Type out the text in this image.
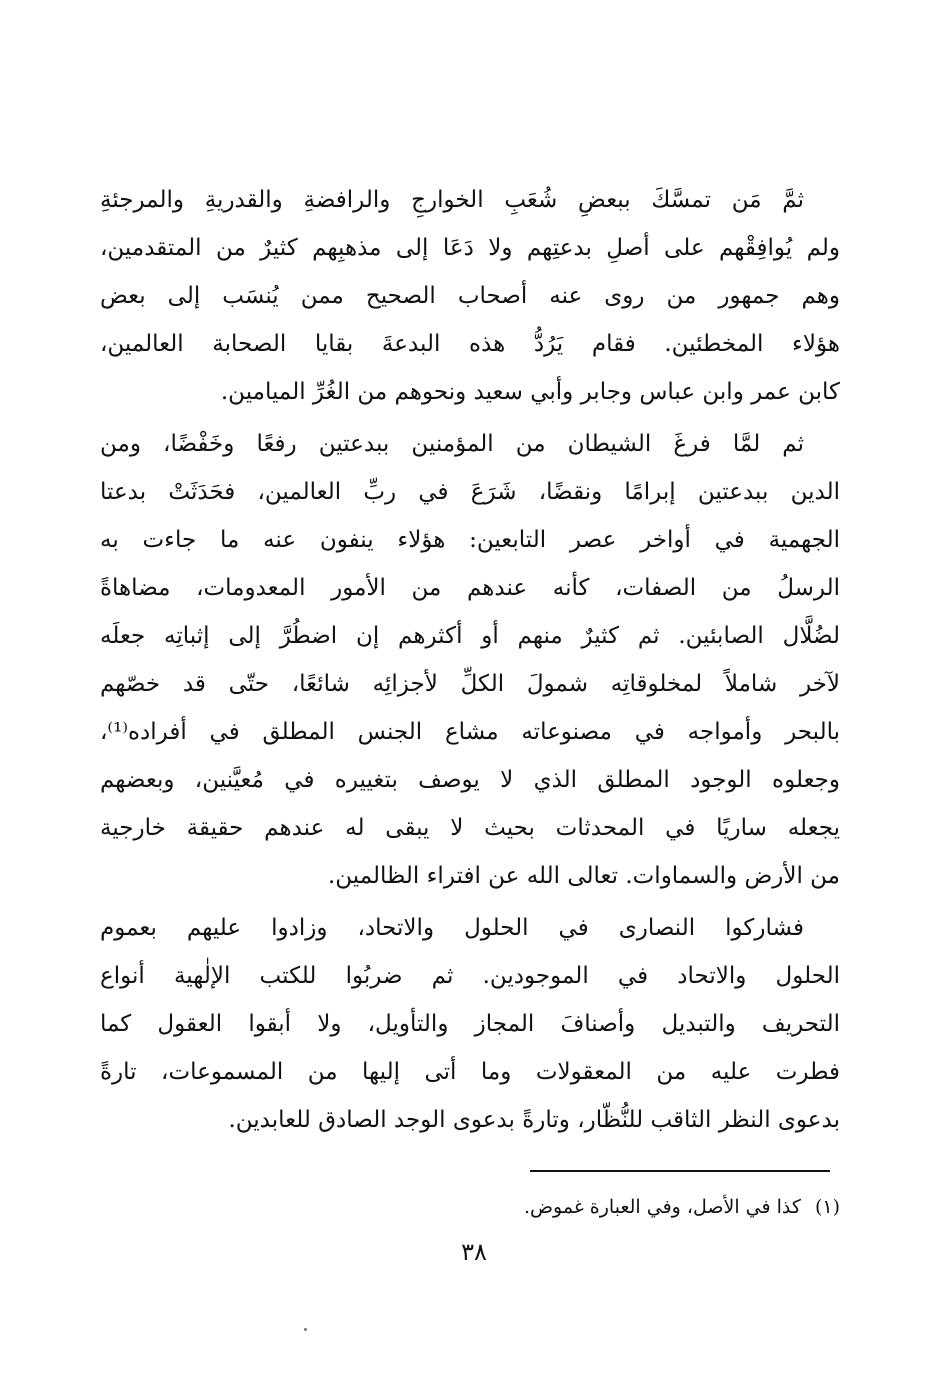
ثمَّ مَن تمسَّكَ ببعضِ شُعَبِ الخوارجِ والرافضةِ والقدريةِ والمرجئةِ
ولم يُوافِقْهم على أصلِ بدعتِهم ولا دَعَا إلى مذهبِهم كثيرٌ من المتقدمين،
وهم جمهور من روى عنه أصحاب الصحيح ممن يُنسَب إلى بعض
هؤلاء المخطئين. فقام يَرُدُّ هذه البدعةَ بقايا الصحابة العالمين،
كابن عمر وابن عباس وجابر وأبي سعيد ونحوهم من الغُرِّ الميامين.
ثم لمَّا فرغَ الشيطان من المؤمنين ببدعتين رفعًا وخَفْضًا، ومن
الدين ببدعتين إبرامًا ونقضًا، شَرَعَ في ربِّ العالمين، فحَدَثَتْ بدعتا
الجهمية في أواخر عصر التابعين: هؤلاء ينفون عنه ما جاءت به
الرسلُ من الصفات، كأنه عندهم من الأمور المعدومات، مضاهاةً
لضُلَّال الصابئين. ثم كثيرٌ منهم أو أكثرهم إن اضطُرَّ إلى إثباتِه جعلَه
لآخر شاملاً لمخلوقاتِه شمولَ الكلِّ لأجزائِه شائعًا، حتّى قد خصّهم
بالبحر وأمواجه في مصنوعاته مشاع الجنس المطلق في أفراده⁽¹⁾،
وجعلوه الوجود المطلق الذي لا يوصف بتغييره في مُعيَّنين، وبعضهم
يجعله ساريًا في المحدثات بحيث لا يبقى له عندهم حقيقة خارجية
من الأرض والسماوات. تعالى الله عن افتراء الظالمين.
فشاركوا النصارى في الحلول والاتحاد، وزادوا عليهم بعموم
الحلول والاتحاد في الموجودين. ثم ضربُوا للكتب الإلٰهية أنواع
التحريف والتبديل وأصنافَ المجاز والتأويل، ولا أبقوا العقول كما
فطرت عليه من المعقولات وما أتى إليها من المسموعات، تارةً
بدعوى النظر الثاقب للنُّظّار، وتارةً بدعوى الوجد الصادق للعابدين.
(١)كذا في الأصل، وفي العبارة غموض.
٣٨
